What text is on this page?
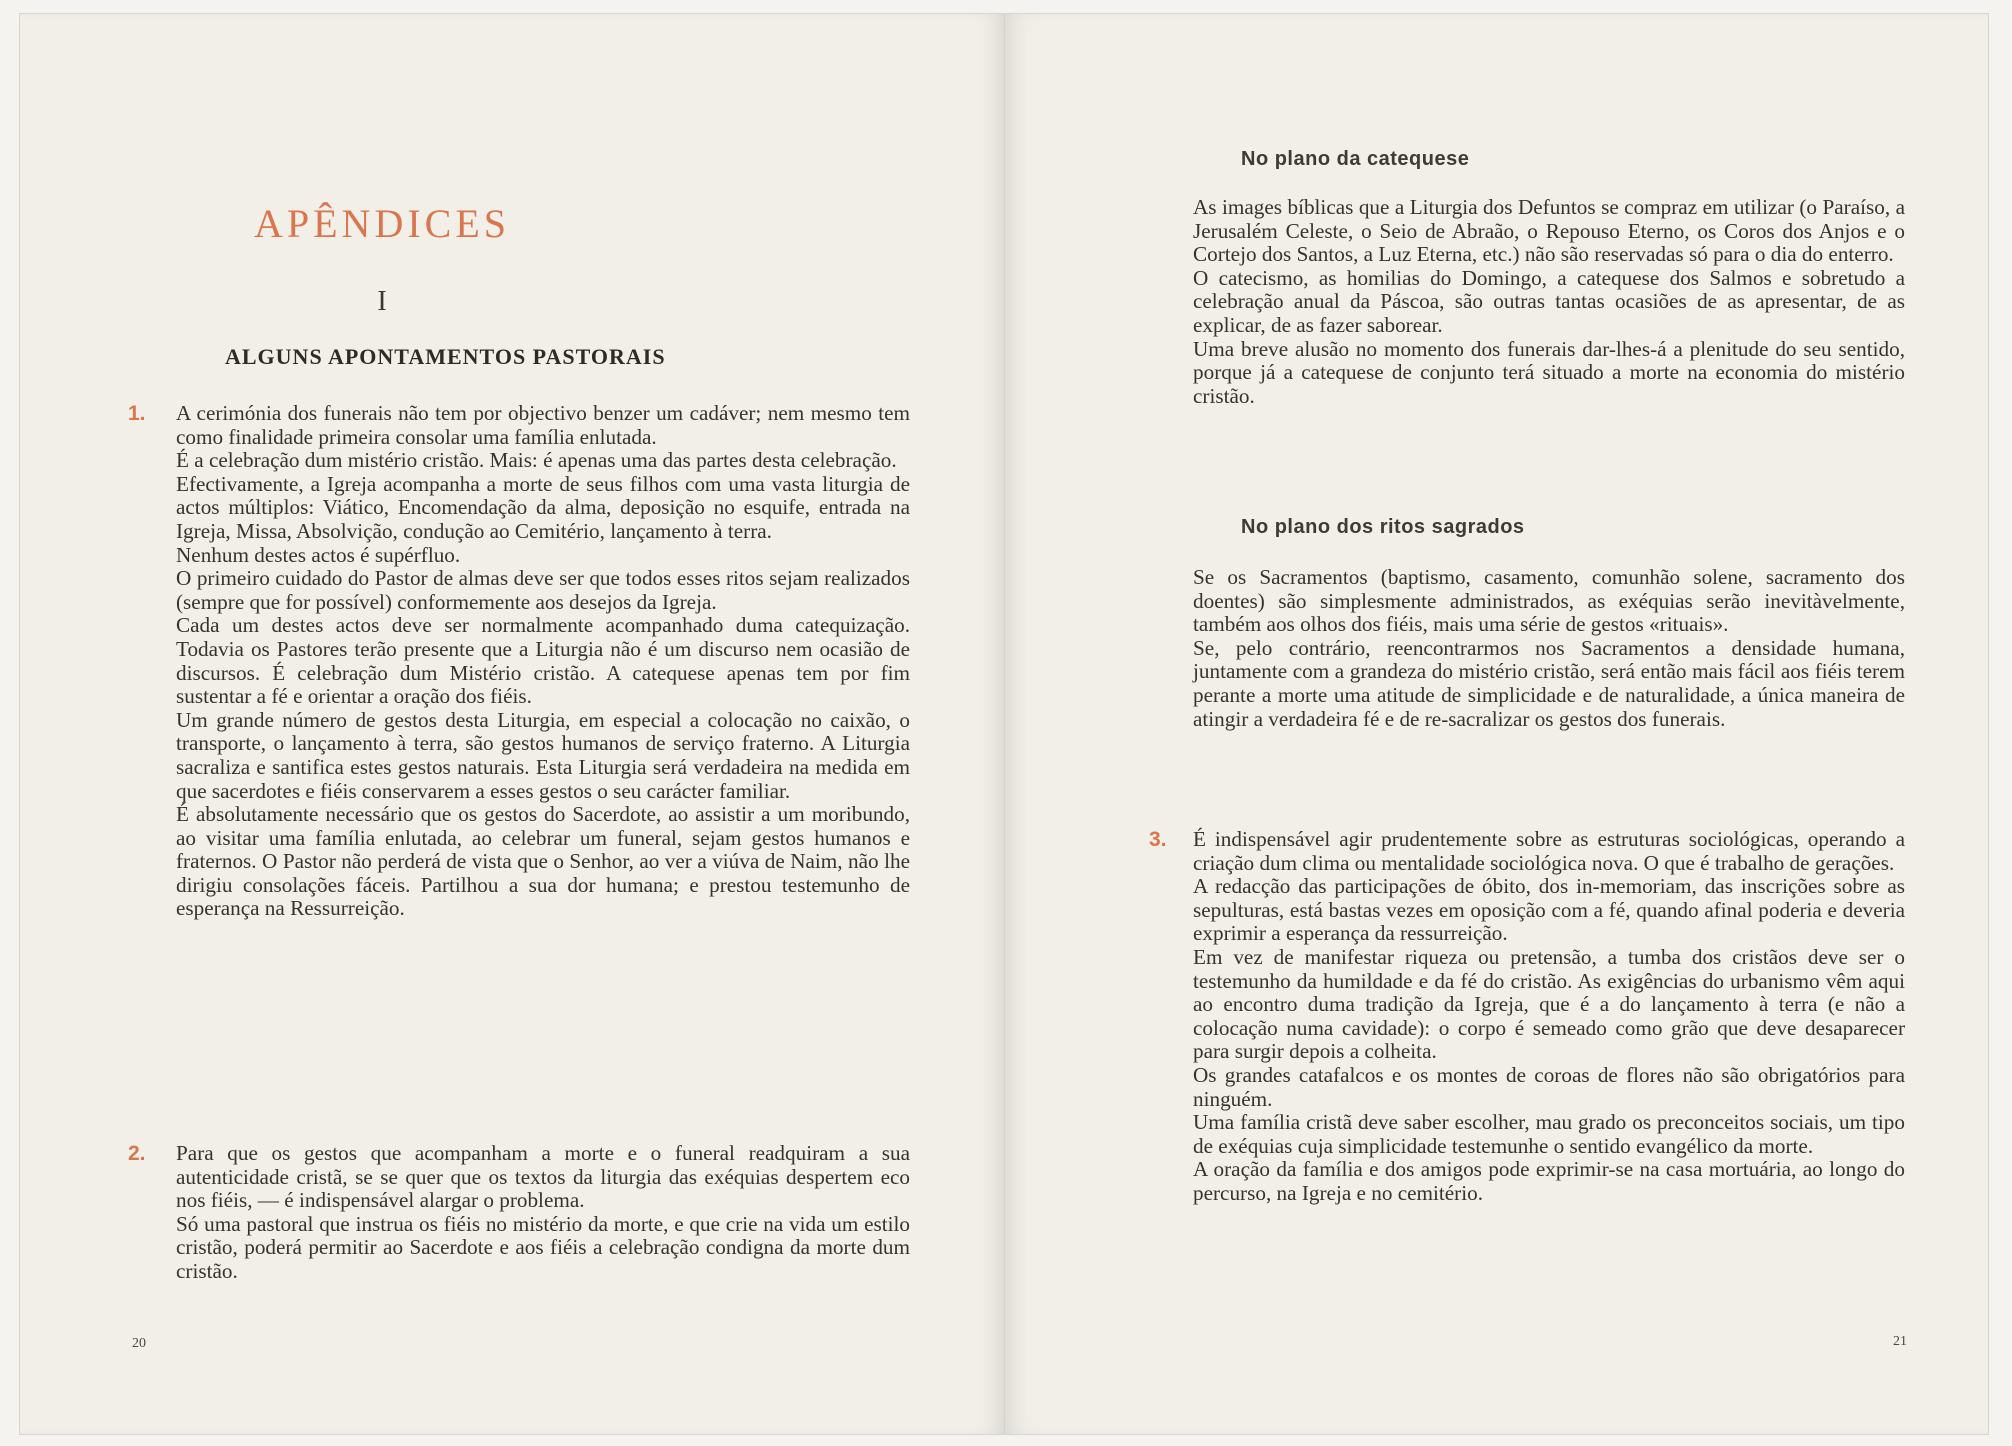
APÊNDICES
I
ALGUNS APONTAMENTOS PASTORAIS
1. A cerimónia dos funerais não tem por objectivo benzer um cadáver; nem mesmo tem como finalidade primeira consolar uma família enlutada.

É a celebração dum mistério cristão. Mais: é apenas uma das partes desta celebração.

Efectivamente, a Igreja acompanha a morte de seus filhos com uma vasta liturgia de actos múltiplos: Viático, Encomendação da alma, deposição no esquife, entrada na Igreja, Missa, Absolvição, condução ao Cemitério, lançamento à terra.

Nenhum destes actos é supérfluo.

O primeiro cuidado do Pastor de almas deve ser que todos esses ritos sejam realizados (sempre que for possível) conformemente aos desejos da Igreja.

Cada um destes actos deve ser normalmente acompanhado duma catequização. Todavia os Pastores terão presente que a Liturgia não é um discurso nem ocasião de discursos. É celebração dum Mistério cristão. A catequese apenas tem por fim sustentar a fé e orientar a oração dos fiéis.

Um grande número de gestos desta Liturgia, em especial a colocação no caixão, o transporte, o lançamento à terra, são gestos humanos de serviço fraterno. A Liturgia sacraliza e santifica estes gestos naturais. Esta Liturgia será verdadeira na medida em que sacerdotes e fiéis conservarem a esses gestos o seu carácter familiar.

É absolutamente necessário que os gestos do Sacerdote, ao assistir a um moribundo, ao visitar uma família enlutada, ao celebrar um funeral, sejam gestos humanos e fraternos. O Pastor não perderá de vista que o Senhor, ao ver a viúva de Naim, não lhe dirigiu consolações fáceis. Partilhou a sua dor humana; e prestou testemunho de esperança na Ressurreição.

2. Para que os gestos que acompanham a morte e o funeral readquiram a sua autenticidade cristã, se se quer que os textos da liturgia das exéquias despertem eco nos fiéis, — é indispensável alargar o problema.

Só uma pastoral que instrua os fiéis no mistério da morte, e que crie na vida um estilo cristão, poderá permitir ao Sacerdote e aos fiéis a celebração condigna da morte dum cristão.

20
No plano da catequese

As images bíblicas que a Liturgia dos Defuntos se compraz em utilizar (o Paraíso, a Jerusalém Celeste, o Seio de Abraão, o Repouso Eterno, os Coros dos Anjos e o Cortejo dos Santos, a Luz Eterna, etc.) não são reservadas só para o dia do enterro.

O catecismo, as homilias do Domingo, a catequese dos Salmos e sobretudo a celebração anual da Páscoa, são outras tantas ocasiões de as apresentar, de as explicar, de as fazer saborear.

Uma breve alusão no momento dos funerais dar-lhes-á a plenitude do seu sentido, porque já a catequese de conjunto terá situado a morte na economia do mistério cristão.

No plano dos ritos sagrados

Se os Sacramentos (baptismo, casamento, comunhão solene, sacramento dos doentes) são simplesmente administrados, as exéquias serão inevitàvelmente, também aos olhos dos fiéis, mais uma série de gestos «rituais».

Se, pelo contrário, reencontrarmos nos Sacramentos a densidade humana, juntamente com a grandeza do mistério cristão, será então mais fácil aos fiéis terem perante a morte uma atitude de simplicidade e de naturalidade, a única maneira de atingir a verdadeira fé e de re-sacralizar os gestos dos funerais.

3. É indispensável agir prudentemente sobre as estruturas sociológicas, operando a criação dum clima ou mentalidade sociológica nova. O que é trabalho de gerações.

A redacção das participações de óbito, dos in-memoriam, das inscrições sobre as sepulturas, está bastas vezes em oposição com a fé, quando afinal poderia e deveria exprimir a esperança da ressurreição.

Em vez de manifestar riqueza ou pretensão, a tumba dos cristãos deve ser o testemunho da humildade e da fé do cristão. As exigências do urbanismo vêm aqui ao encontro duma tradição da Igreja, que é a do lançamento à terra (e não a colocação numa cavidade): o corpo é semeado como grão que deve desaparecer para surgir depois a colheita.

Os grandes catafalcos e os montes de coroas de flores não são obrigatórios para ninguém.

Uma família cristã deve saber escolher, mau grado os preconceitos sociais, um tipo de exéquias cuja simplicidade testemunhe o sentido evangélico da morte.

A oração da família e dos amigos pode exprimir-se na casa mortuária, ao longo do percurso, na Igreja e no cemitério.

21
